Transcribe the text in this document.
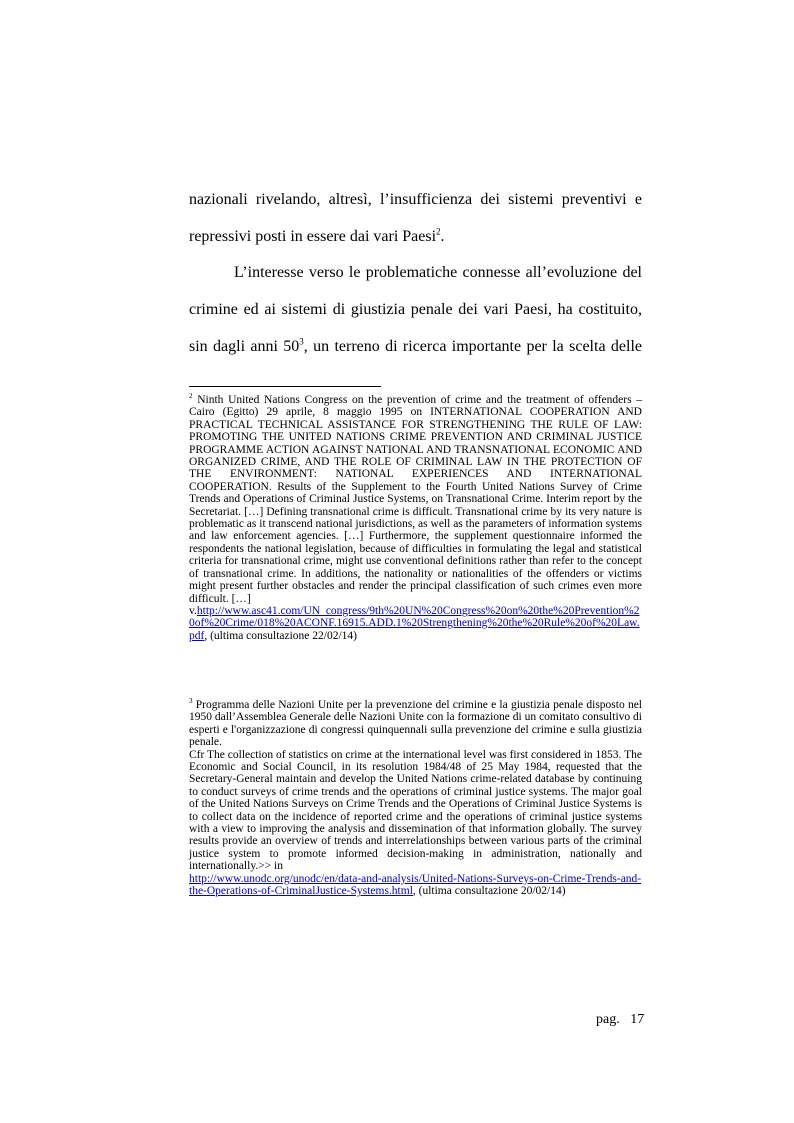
nazionali rivelando, altresì, l’insufficienza dei sistemi preventivi e
repressivi posti in essere dai vari Paesi$^2$.
L’interesse verso le problematiche connesse all’evoluzione del
crimine ed ai sistemi di giustizia penale dei vari Paesi, ha costituito,
sin dagli anni $50^3$, un terreno di ricerca importante per la scelta delle

$^2$ Ninth United Nations Congress on the prevention of crime and the treatment of offenders – Cairo (Egitto) 29 aprile, 8 maggio 1995 on INTERNATIONAL COOPERATION AND PRACTICAL TECHNICAL ASSISTANCE FOR STRENGTHENING THE RULE OF LAW: PROMOTING THE UNITED NATIONS CRIME PREVENTION AND CRIMINAL JUSTICE PROGRAMME ACTION AGAINST NATIONAL AND TRANSNATIONAL ECONOMIC AND ORGANIZED CRIME, AND THE ROLE OF CRIMINAL LAW IN THE PROTECTION OF THE ENVIRONMENT: NATIONAL EXPERIENCES AND INTERNATIONAL COOPERATION. Results of the Supplement to the Fourth United Nations Survey of Crime Trends and Operations of Criminal Justice Systems, on Transnational Crime. Interim report by the Secretariat. […] Defining transnational crime is difficult. Transnational crime by its very nature is problematic as it transcend national jurisdictions, as well as the parameters of information systems and law enforcement agencies. […] Furthermore, the supplement questionnaire informed the respondents the national legislation, because of difficulties in formulating the legal and statistical criteria for transnational crime, might use conventional definitions rather than refer to the concept of transnational crime. In additions, the nationality or nationalities of the offenders or victims might present further obstacles and render the principal classification of such crimes even more difficult. […]
v.http://www.asc41.com/UN_congress/9th%20UN%20Congress%20on%20the%20Prevention%20of%20Crime/018%20ACONF.16915.ADD.1%20Strengthening%20the%20Rule%20of%20Law.pdf, (ultima consultazione 22/02/14)

$^3$ Programma delle Nazioni Unite per la prevenzione del crimine e la giustizia penale disposto nel 1950 dall’Assemblea Generale delle Nazioni Unite con la formazione di un comitato consultivo di esperti e l'organizzazione di congressi quinquennali sulla prevenzione del crimine e sulla giustizia penale.

Cfr The collection of statistics on crime at the international level was first considered in 1853. The Economic and Social Council, in its resolution 1984/48 of 25 May 1984, requested that the Secretary-General maintain and develop the United Nations crime-related database by continuing to conduct surveys of crime trends and the operations of criminal justice systems. The major goal of the United Nations Surveys on Crime Trends and the Operations of Criminal Justice Systems is to collect data on the incidence of reported crime and the operations of criminal justice systems with a view to improving the analysis and dissemination of that information globally. The survey results provide an overview of trends and interrelationships between various parts of the criminal justice system to promote informed decision-making in administration, nationally and internationally.>> in
http://www.unodc.org/unodc/en/data-and-analysis/United-Nations-Surveys-on-Crime-Trends-and-the-Operations-of-CriminalJustice-Systems.html, (ultima consultazione 20/02/14)

pag. 17
